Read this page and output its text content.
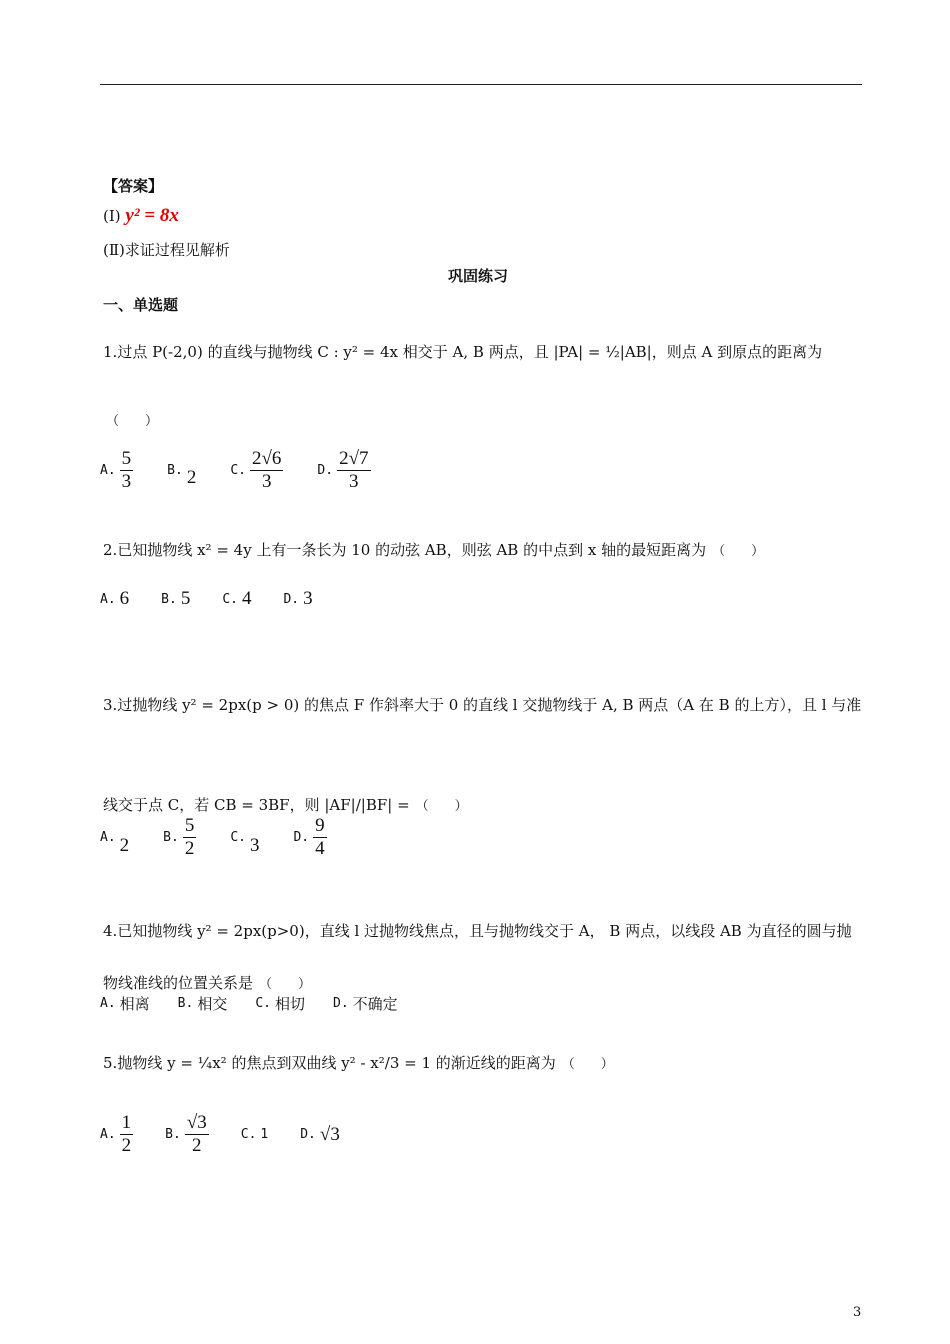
【答案】
(Ⅰ) y² = 8x
(Ⅱ)求证过程见解析
巩固练习
一、单选题
1.过点 P(-2,0) 的直线与抛物线 C : y² = 4x 相交于 A, B 两点，且 |PA| = ½|AB|，则点 A 到原点的距离为
（　　）
A. $\frac{5}{3}$	B. 2	C. $\frac{2√6}{3}$	D. $\frac{2√7}{3}$
2.已知抛物线 x² = 4y 上有一条长为 10 的动弦 AB，则弦 AB 的中点到 x 轴的最短距离为 （　　）
A. 6 B. 5 C. 4 D. 3
3.过抛物线 y² = 2px(p > 0) 的焦点 F 作斜率大于 0 的直线 l 交抛物线于 A, B 两点（A 在 B 的上方），且 l 与准线交于点 C，若 CB = 3BF，则 |AF|/|BF| = （　　）
A. 2	B. $\frac{5}{2}$	C. 3	D. $\frac{9}{4}$
4.已知抛物线 y² = 2px(p>0)，直线 l 过抛物线焦点，且与抛物线交于 A， B 两点，以线段 AB 为直径的圆与抛物线准线的位置关系是 （　　）
A. 相离 B. 相交 C. 相切 D. 不确定
5.抛物线 y = ¼x² 的焦点到双曲线 y² - x²/3 = 1 的渐近线的距离为 （　　）
A. $\frac{1}{2} B$. $\frac{√3}{2} C$. 1 D. √3
3
